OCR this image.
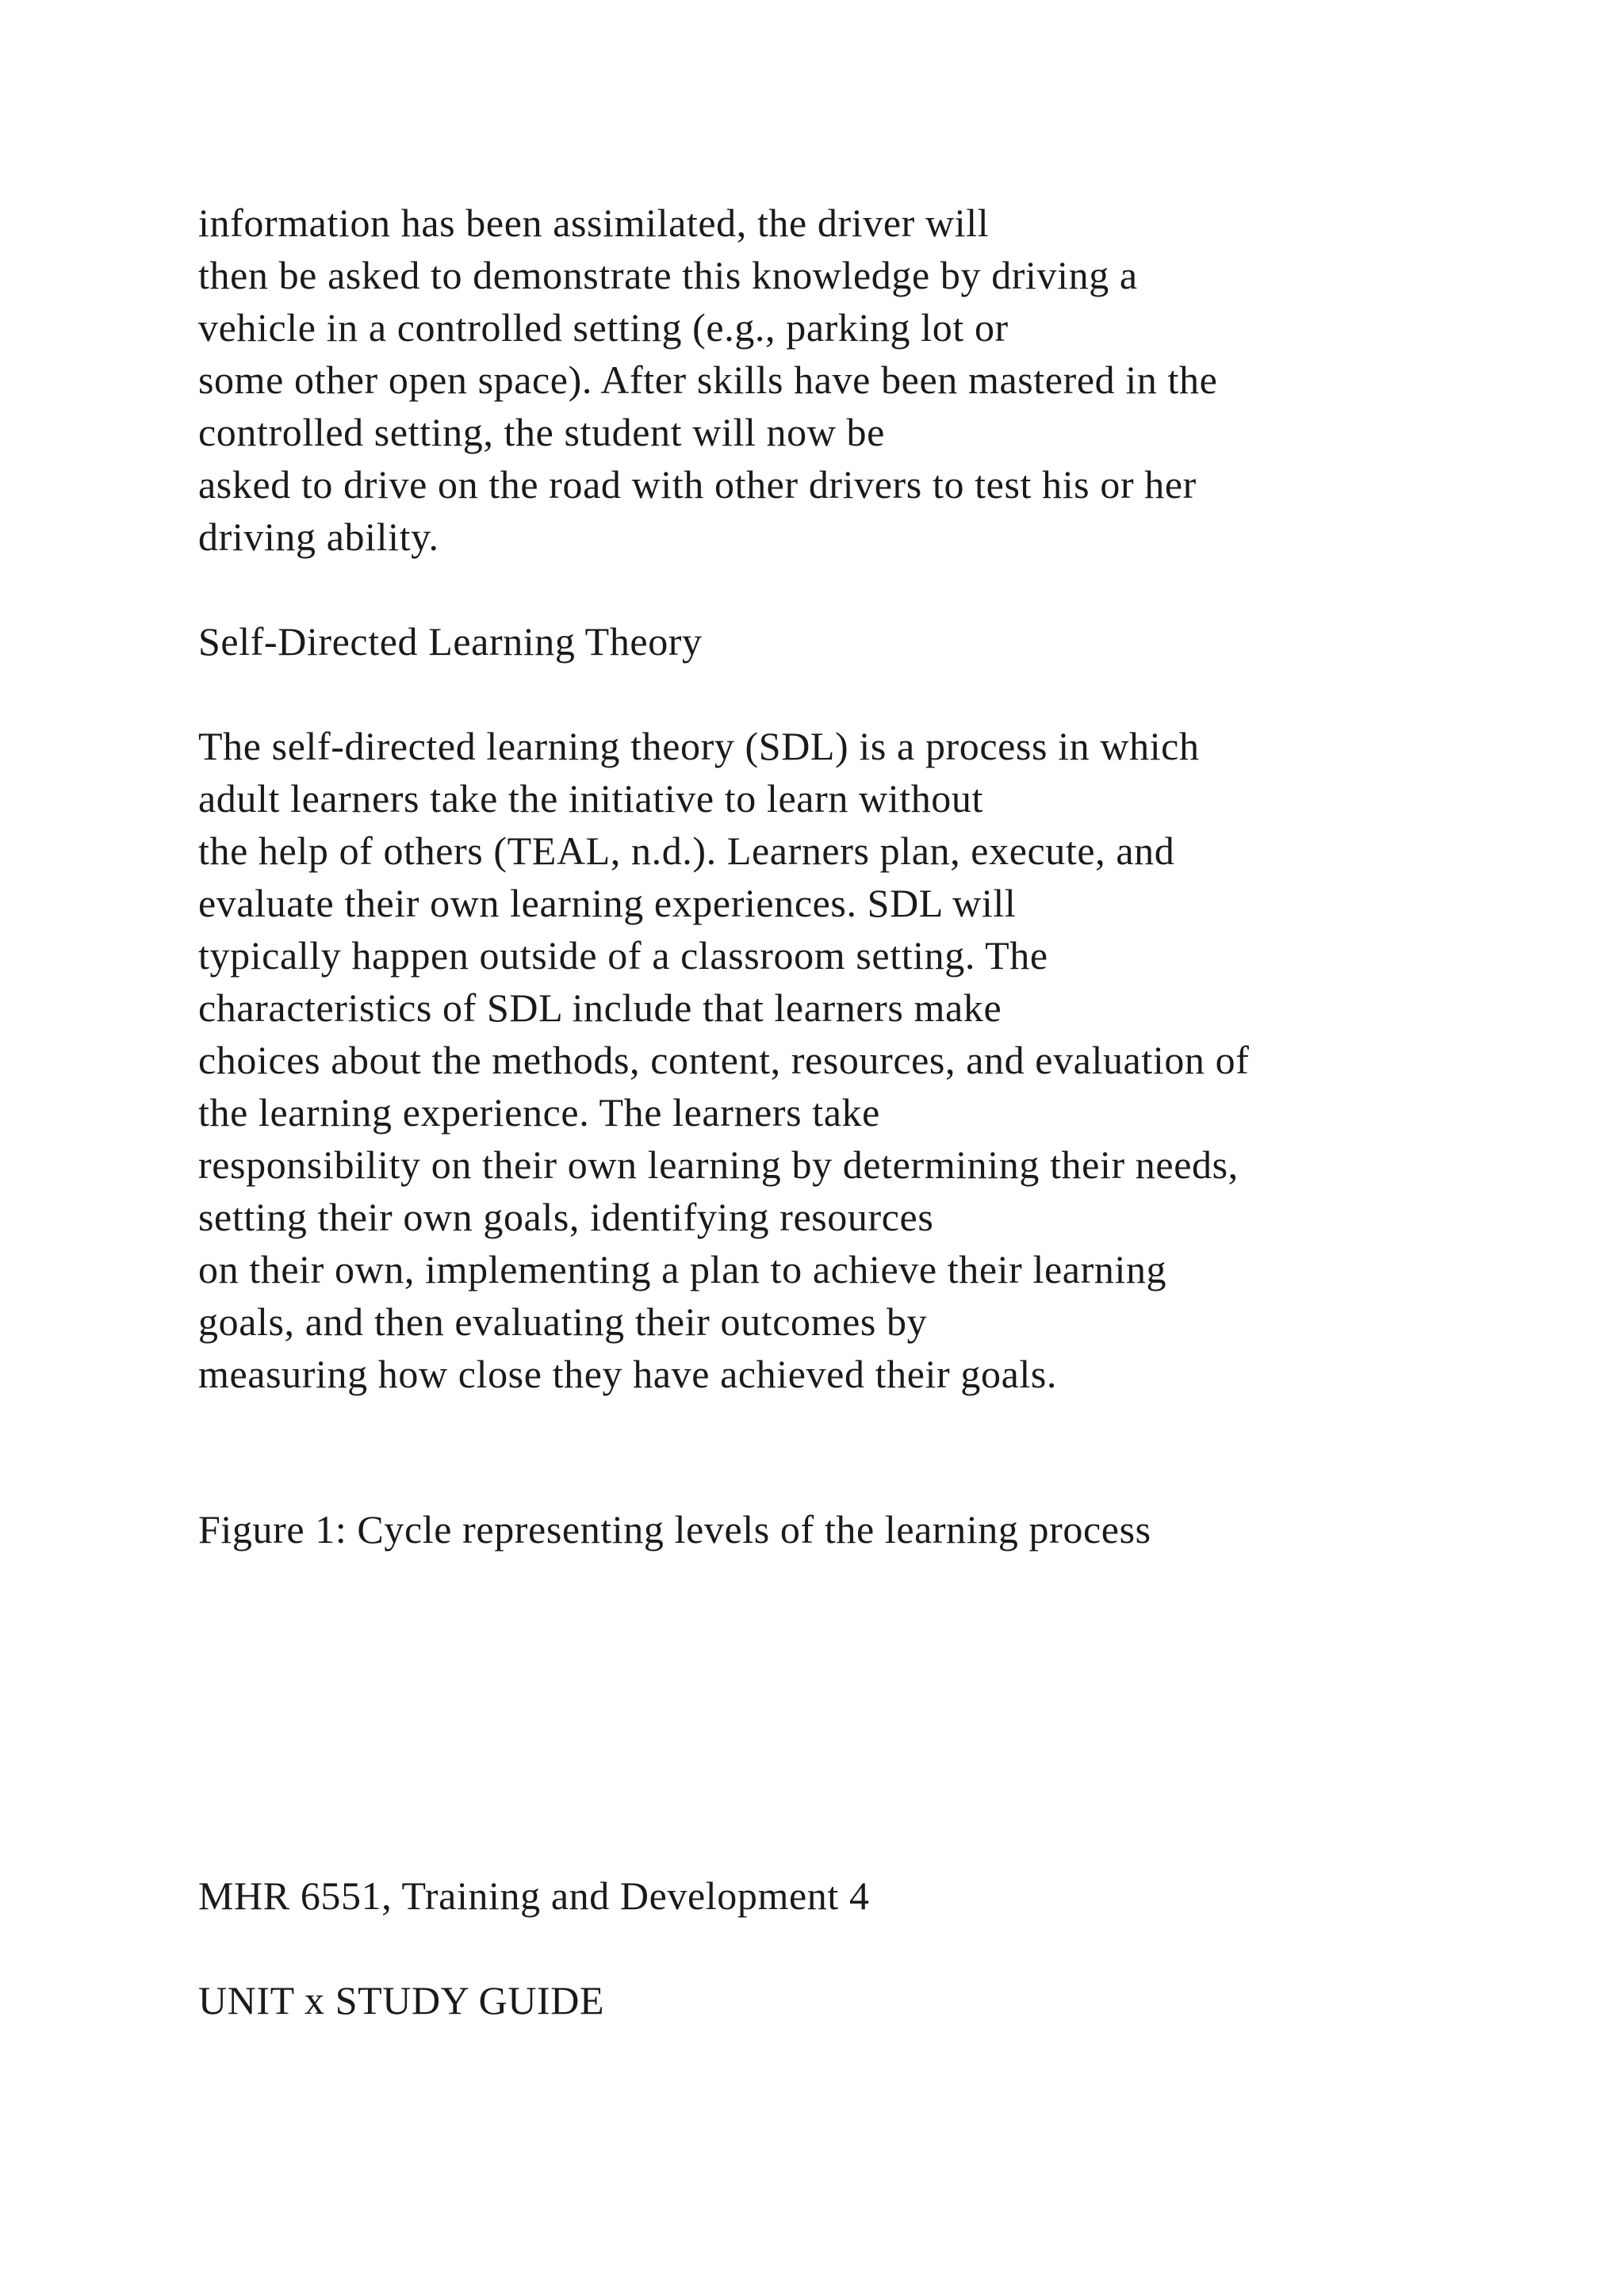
information has been assimilated, the driver will

then be asked to demonstrate this knowledge by driving a

vehicle in a controlled setting (e.g., parking lot or

some other open space). After skills have been mastered in the

controlled setting, the student will now be

asked to drive on the road with other drivers to test his or her

driving ability.

Self-Directed Learning Theory

The self-directed learning theory (SDL) is a process in which

adult learners take the initiative to learn without

the help of others (TEAL, n.d.). Learners plan, execute, and

evaluate their own learning experiences. SDL will

typically happen outside of a classroom setting. The

characteristics of SDL include that learners make

choices about the methods, content, resources, and evaluation of

the learning experience. The learners take

responsibility on their own learning by determining their needs,

setting their own goals, identifying resources

on their own, implementing a plan to achieve their learning

goals, and then evaluating their outcomes by

measuring how close they have achieved their goals.

Figure 1: Cycle representing levels of the learning process

MHR 6551, Training and Development 4

UNIT x STUDY GUIDE
